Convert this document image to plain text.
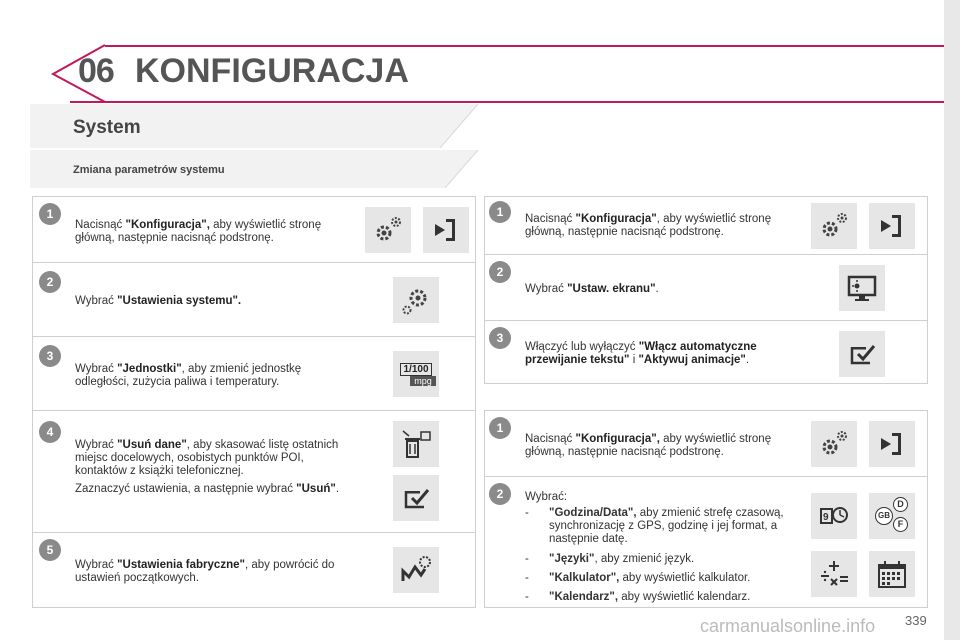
06 KONFIGURACJA
System
Zmiana parametrów systemu
1
Nacisnąć "Konfiguracja", aby wyświetlić stronę główną, następnie nacisnąć podstronę.
2
Wybrać "Ustawienia systemu".
3
Wybrać "Jednostki", aby zmienić jednostkę odległości, zużycia paliwa i temperatury.
1/100
mpg
4
Wybrać "Usuń dane", aby skasować listę ostatnich miejsc docelowych, osobistych punktów POI, kontaktów z książki telefonicznej.
Zaznaczyć ustawienia, a następnie wybrać "Usuń".
5
Wybrać "Ustawienia fabryczne", aby powrócić do ustawień początkowych.
1	Nacisnąć "Konfiguracja", aby wyświetlić stronę główną, następnie nacisnąć podstronę.
2
Wybrać "Ustaw. ekranu".
3
Włączyć lub wyłączyć "Włącz automatyczne przewijanie tekstu" i "Aktywuj animacje".
1
Nacisnąć "Konfiguracja", aby wyświetlić stronę główną, następnie nacisnąć podstronę.
2	Wybrać:
- "Godzina/Data", aby zmienić strefę czasową, synchronizację z GPS, godzinę i jej format, a następnie datę.
- "Języki", aby zmienić język.
- "Kalkulator", aby wyświetlić kalkulator.
- "Kalendarz", aby wyświetlić kalendarz.
9
D
GB
F
carmanualsonline.info 339
